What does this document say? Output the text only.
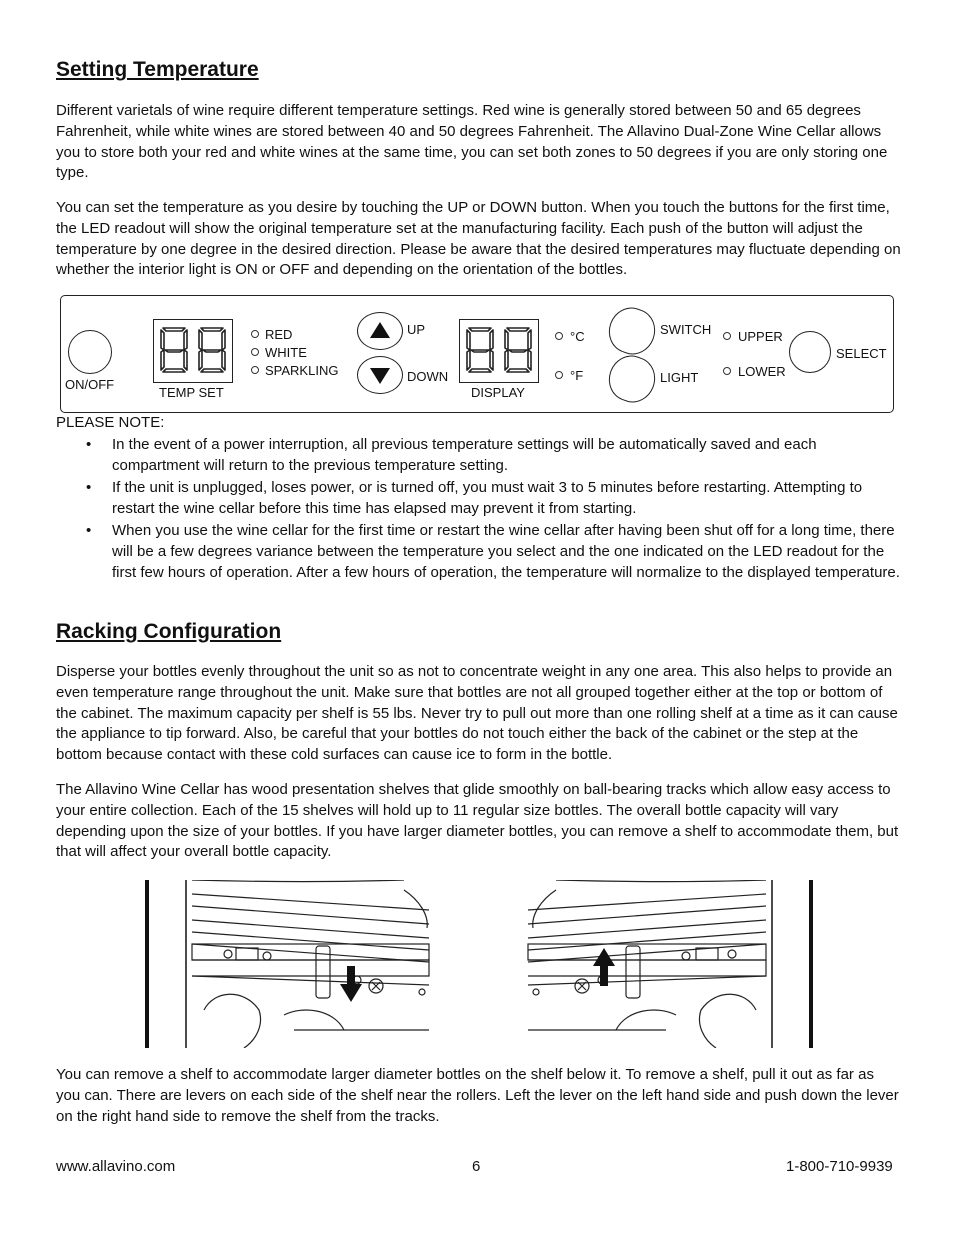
Setting Temperature
Different varietals of wine require different temperature settings. Red wine is generally stored between 50 and 65 degrees Fahrenheit, while white wines are stored between 40 and 50 degrees Fahrenheit. The Allavino Dual-Zone Wine Cellar allows you to store both your red and white wines at the same time, you can set both zones to 50 degrees if you are only storing one type.
You can set the temperature as you desire by touching the UP or DOWN button. When you touch the buttons for the first time, the LED readout will show the original temperature set at the manufacturing facility. Each push of the button will adjust the temperature by one degree in the desired direction. Please be aware that the desired temperatures may fluctuate depending on whether the interior light is ON or OFF and depending on the orientation of the bottles.
ON/OFF
TEMP SET
RED
WHITE
SPARKLING
UP
DOWN
DISPLAY
°C
°F
SWITCH
LIGHT
UPPER
LOWER
SELECT
PLEASE NOTE:
• In the event of a power interruption, all previous temperature settings will be automatically saved and each compartment will return to the previous temperature setting.
• If the unit is unplugged, loses power, or is turned off, you must wait 3 to 5 minutes before restarting. Attempting to restart the wine cellar before this time has elapsed may prevent it from starting.
• When you use the wine cellar for the first time or restart the wine cellar after having been shut off for a long time, there will be a few degrees variance between the temperature you select and the one indicated on the LED readout for the first few hours of operation. After a few hours of operation, the temperature will normalize to the displayed temperature.
Racking Configuration
Disperse your bottles evenly throughout the unit so as not to concentrate weight in any one area. This also helps to provide an even temperature range throughout the unit. Make sure that bottles are not all grouped together either at the top or bottom of the cabinet. The maximum capacity per shelf is 55 lbs. Never try to pull out more than one rolling shelf at a time as it can cause the appliance to tip forward. Also, be careful that your bottles do not touch either the back of the cabinet or the step at the bottom because contact with these cold surfaces can cause ice to form in the bottle.
The Allavino Wine Cellar has wood presentation shelves that glide smoothly on ball-bearing tracks which allow easy access to your entire collection. Each of the 15 shelves will hold up to 11 regular size bottles. The overall bottle capacity will vary depending upon the size of your bottles. If you have larger diameter bottles, you can remove a shelf to accommodate them, but that will affect your overall bottle capacity.
You can remove a shelf to accommodate larger diameter bottles on the shelf below it. To remove a shelf, pull it out as far as you can. There are levers on each side of the shelf near the rollers. Left the lever on the left hand side and push down the lever on the right hand side to remove the shelf from the tracks.
www.allavino.com	6	1-800-710-9939
